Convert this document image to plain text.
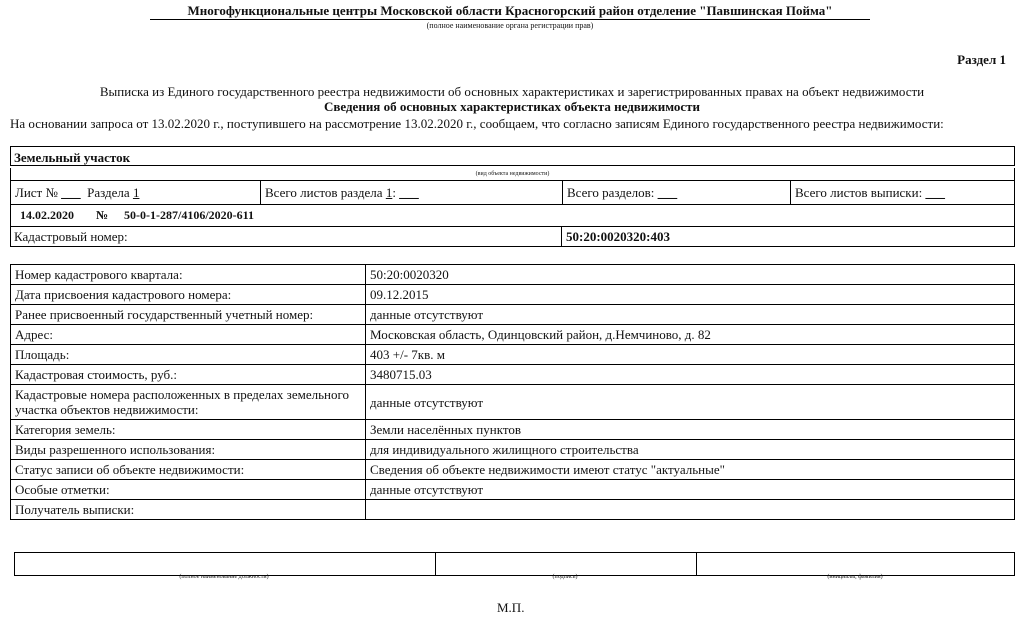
Многофункциональные центры Московской области Красногорский район отделение "Павшинская Пойма"
(полное наименование органа регистрации прав)
Раздел 1
Выписка из Единого государственного реестра недвижимости об основных характеристиках и зарегистрированных правах на объект недвижимости
Сведения об основных характеристиках объекта недвижимости
На основании запроса от 13.02.2020 г., поступившего на рассмотрение 13.02.2020 г., сообщаем, что согласно записям Единого государственного реестра недвижимости:
Земельный участок
(вид объекта недвижимости)
Лист № ___ Раздела 1	Всего листов раздела 1: ___	Всего разделов: ___	Всего листов выписки: ___
14.02.2020 № 50-0-1-287/4106/2020-611
Кадастровый номер:	50:20:0020320:403
Номер кадастрового квартала:	50:20:0020320
Дата присвоения кадастрового номера:	09.12.2015
Ранее присвоенный государственный учетный номер:	данные отсутствуют
Адрес:	Московская область, Одинцовский район, д.Немчиново, д. 82
Площадь:	403 +/- 7кв. м
Кадастровая стоимость, руб.:	3480715.03
Кадастровые номера расположенных в пределах земельного участка объектов недвижимости:	данные отсутствуют
Категория земель:	Земли населённых пунктов
Виды разрешенного использования:	для индивидуального жилищного строительства
Статус записи об объекте недвижимости:	Сведения об объекте недвижимости имеют статус "актуальные"
Особые отметки:	данные отсутствуют
Получатель выписки:	

(полное наименование должности)	(подпись)	(инициалы, фамилия)
М.П.
